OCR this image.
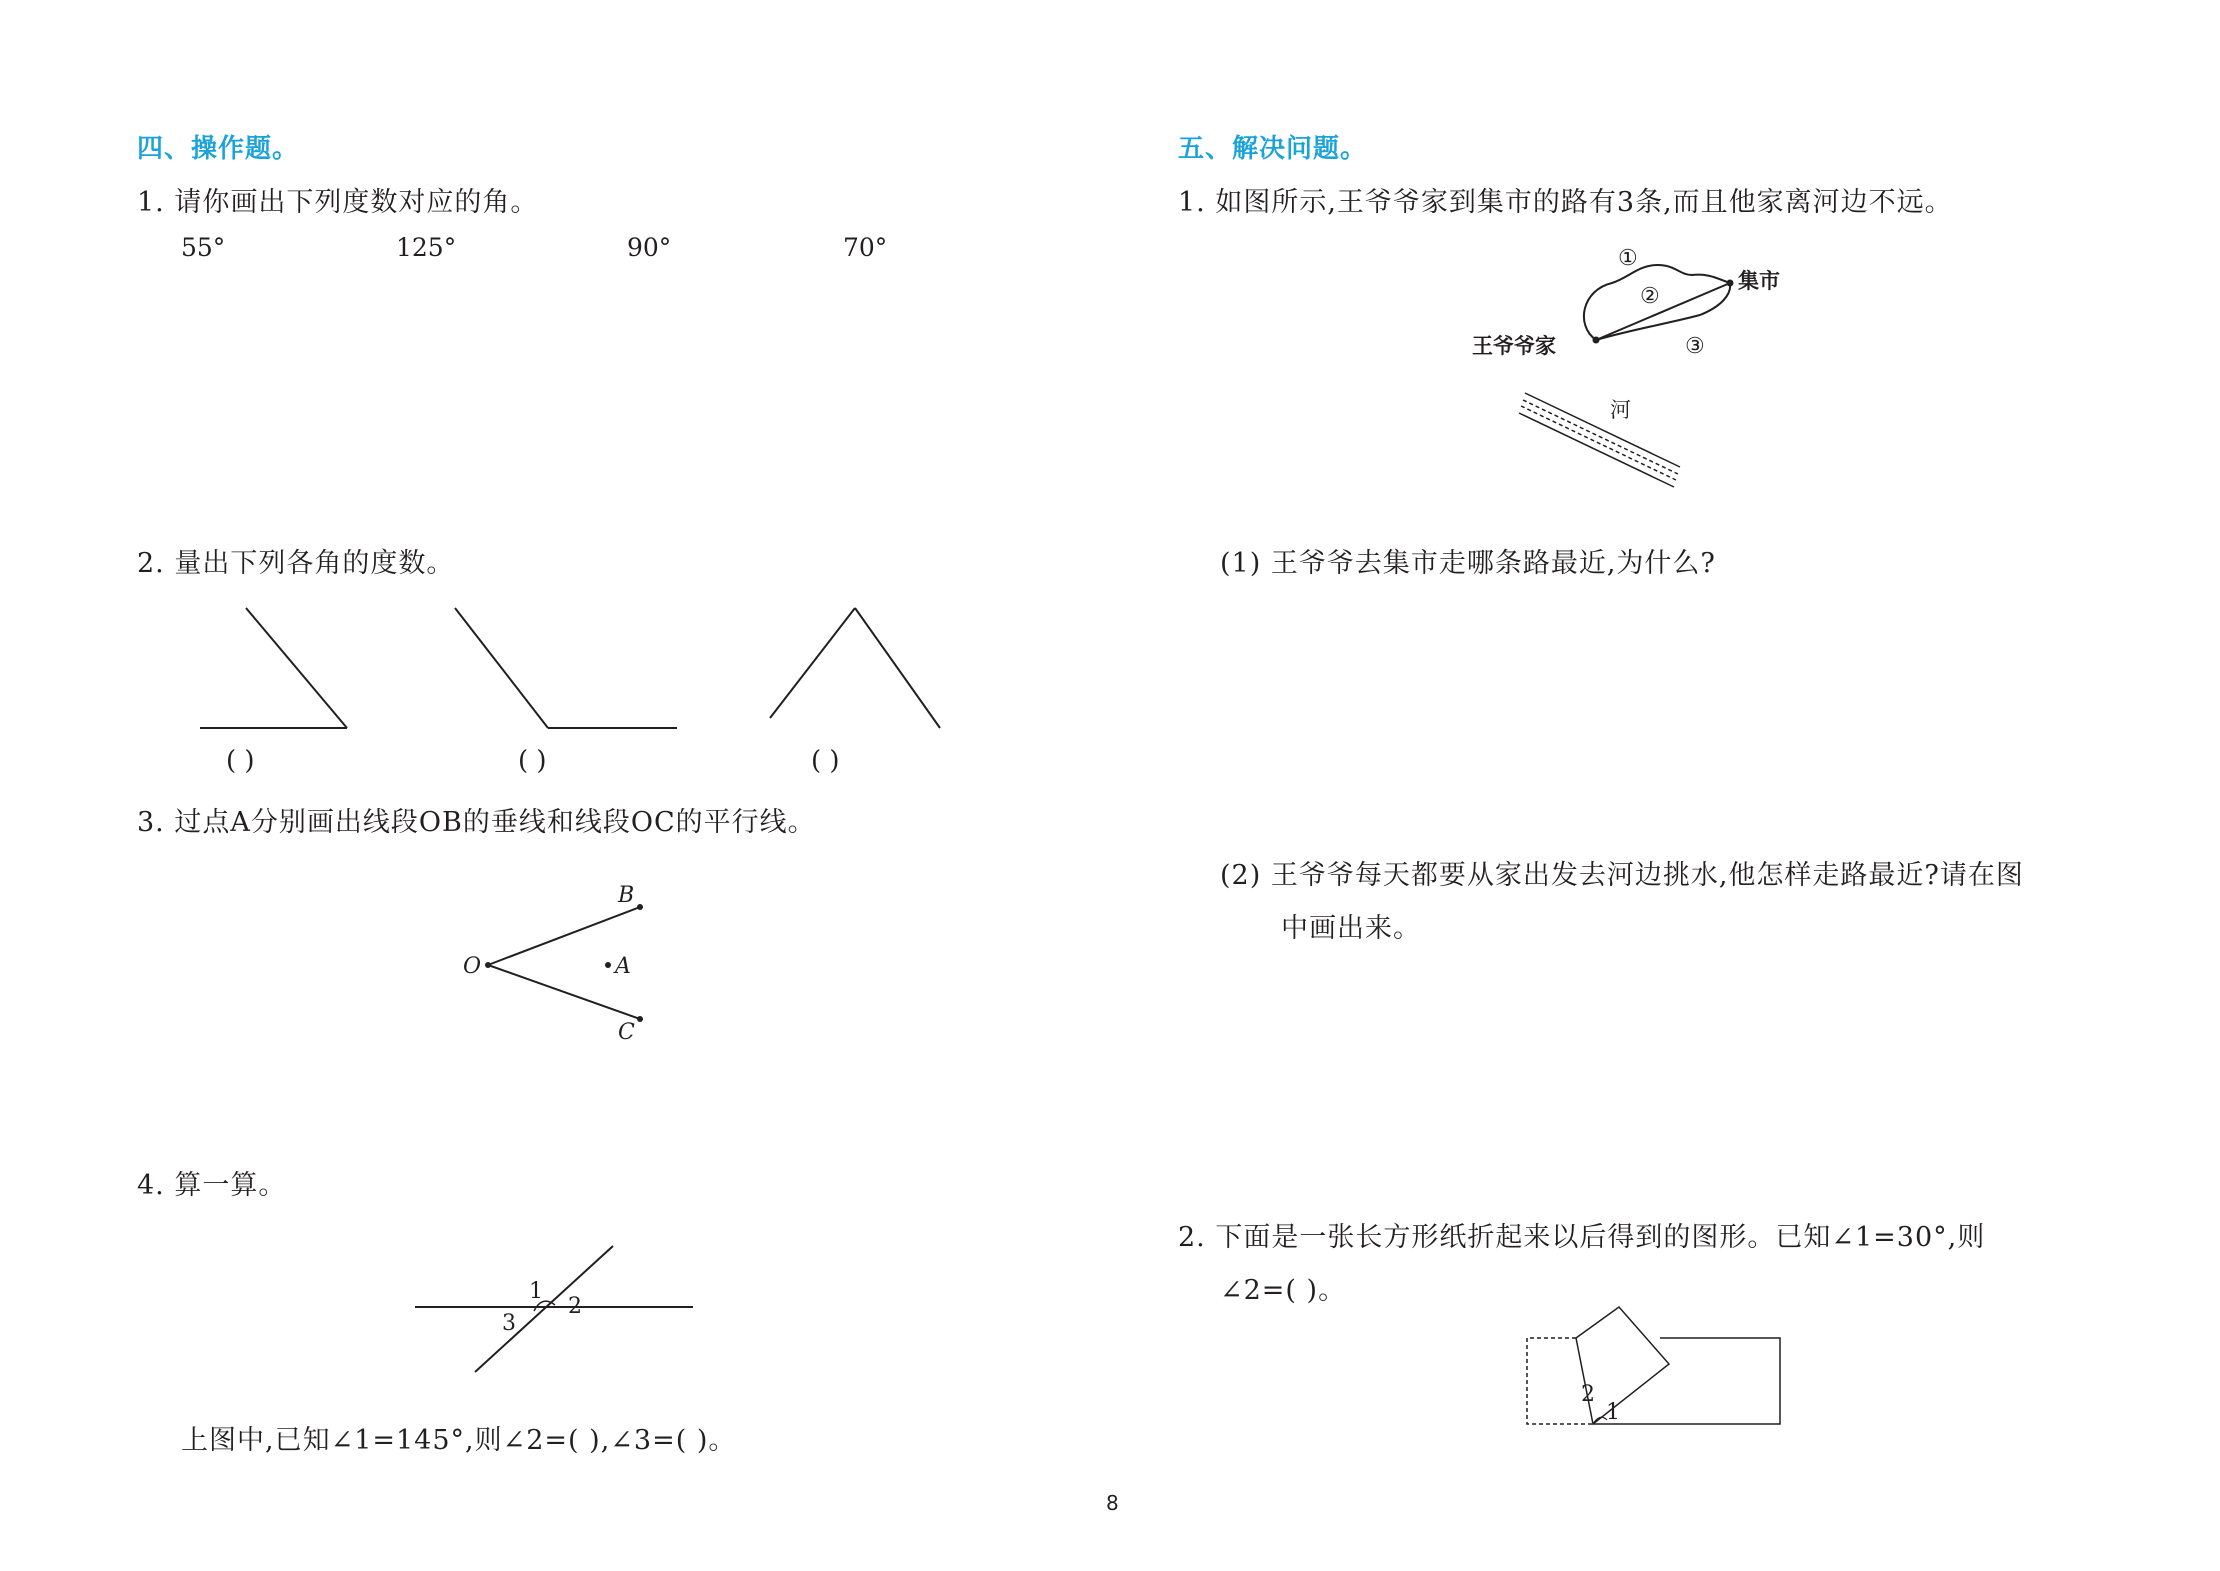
四、操作题。
1. 请你画出下列度数对应的角。
55°	125°	90°	70°
2. 量出下列各角的度数。
( )	( )	( )
3. 过点A分别画出线段OB的垂线和线段OC的平行线。
B
O	A
C
4. 算一算。
1
2
3
上图中,已知∠1=145°,则∠2=( ),∠3=( )。
五、解决问题。
1. 如图所示,王爷爷家到集市的路有3条,而且他家离河边不远。
①
②
③
集市
王爷爷家
河
(1) 王爷爷去集市走哪条路最近,为什么?
(2) 王爷爷每天都要从家出发去河边挑水,他怎样走路最近?请在图
中画出来。
2. 下面是一张长方形纸折起来以后得到的图形。已知∠1=30°,则
∠2=( )。
2
1
8
